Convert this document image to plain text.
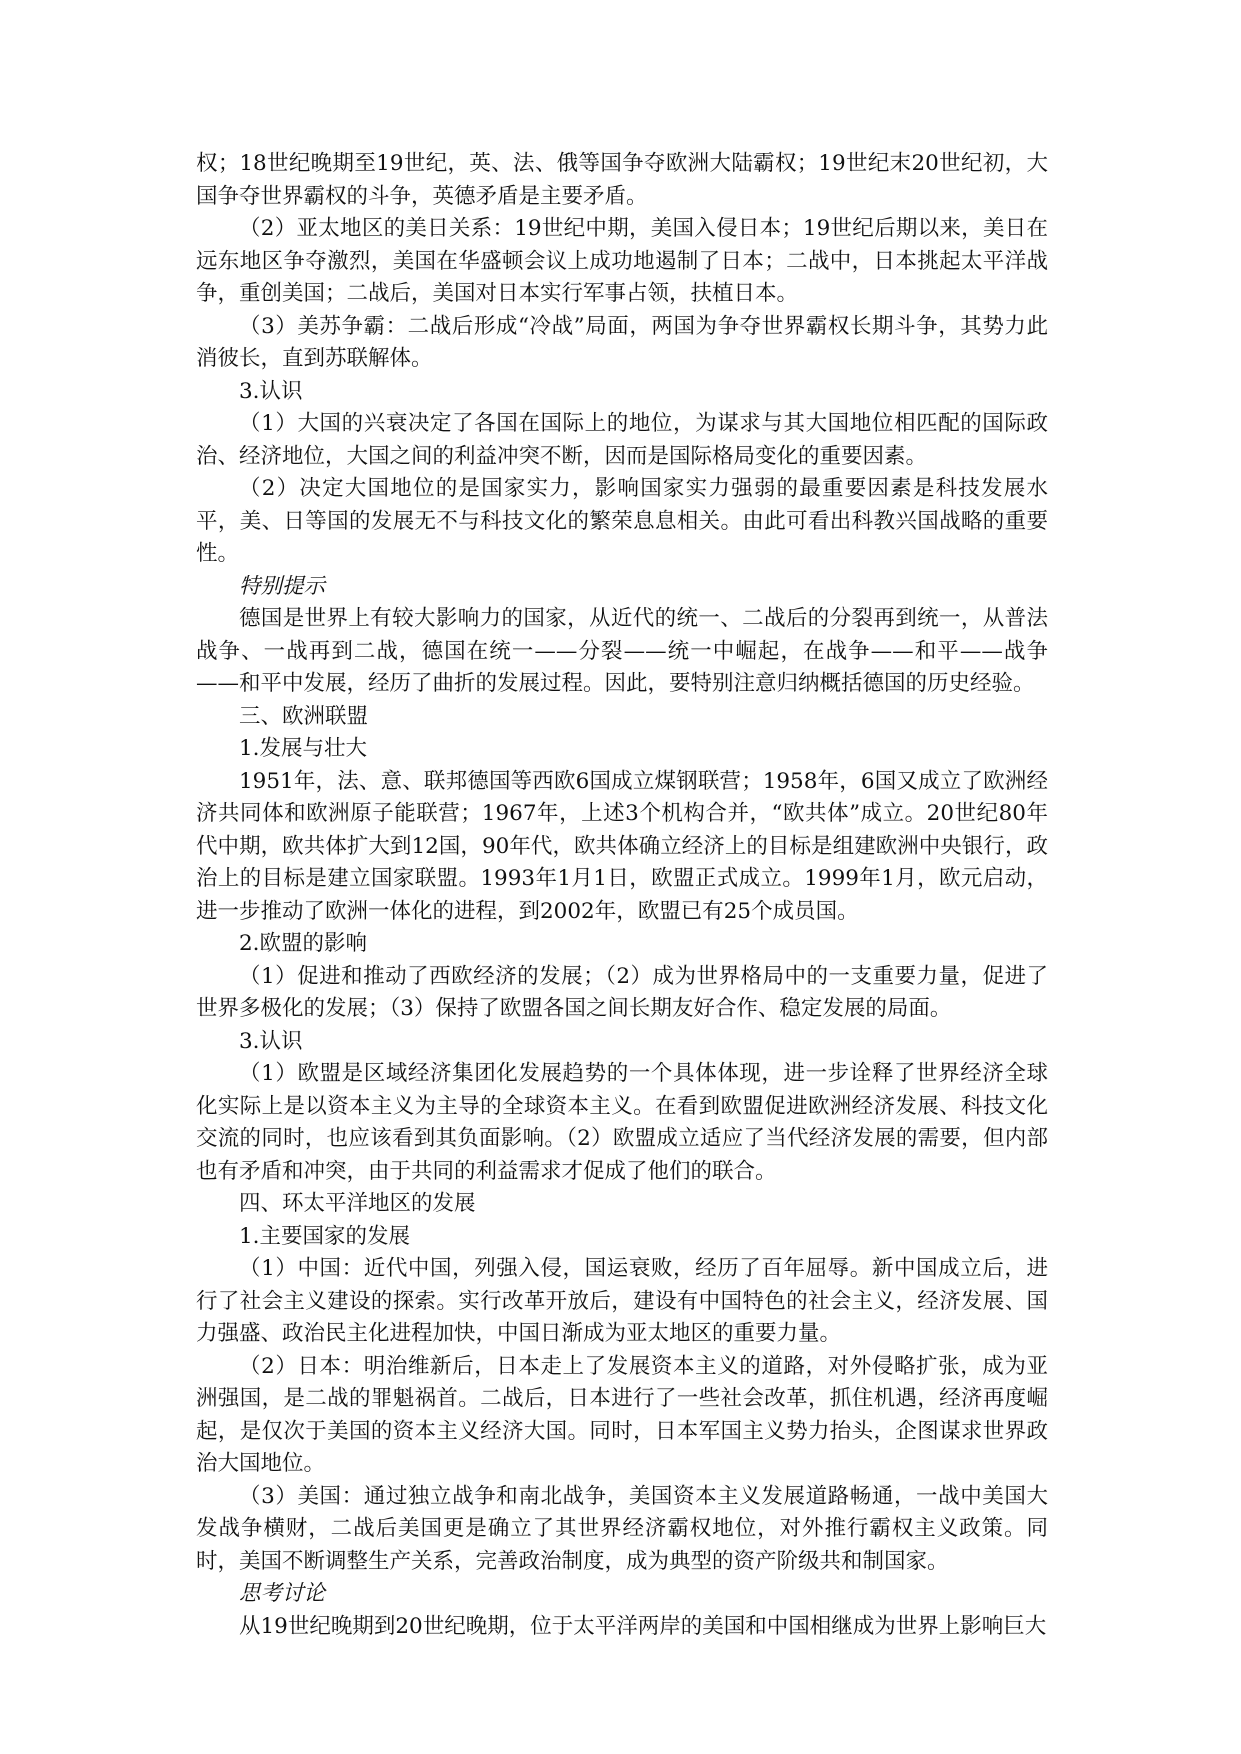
权；18世纪晚期至19世纪，英、法、俄等国争夺欧洲大陆霸权；19世纪末20世纪初，大国争夺世界霸权的斗争，英德矛盾是主要矛盾。

（2）亚太地区的美日关系：19世纪中期，美国入侵日本；19世纪后期以来，美日在远东地区争夺激烈，美国在华盛顿会议上成功地遏制了日本；二战中，日本挑起太平洋战争，重创美国；二战后，美国对日本实行军事占领，扶植日本。

（3）美苏争霸：二战后形成“冷战”局面，两国为争夺世界霸权长期斗争，其势力此消彼长，直到苏联解体。

3.认识

（1）大国的兴衰决定了各国在国际上的地位，为谋求与其大国地位相匹配的国际政治、经济地位，大国之间的利益冲突不断，因而是国际格局变化的重要因素。

（2）决定大国地位的是国家实力，影响国家实力强弱的最重要因素是科技发展水平，美、日等国的发展无不与科技文化的繁荣息息相关。由此可看出科教兴国战略的重要性。

特别提示

德国是世界上有较大影响力的国家，从近代的统一、二战后的分裂再到统一，从普法战争、一战再到二战，德国在统一——分裂——统一中崛起，在战争——和平——战争——和平中发展，经历了曲折的发展过程。因此，要特别注意归纳概括德国的历史经验。

三、欧洲联盟

1.发展与壮大

1951年，法、意、联邦德国等西欧6国成立煤钢联营；1958年，6国又成立了欧洲经济共同体和欧洲原子能联营；1967年，上述3个机构合并，“欧共体”成立。20世纪80年代中期，欧共体扩大到12国，90年代，欧共体确立经济上的目标是组建欧洲中央银行，政治上的目标是建立国家联盟。1993年1月1日，欧盟正式成立。1999年1月，欧元启动，进一步推动了欧洲一体化的进程，到2002年，欧盟已有25个成员国。

2.欧盟的影响

（1）促进和推动了西欧经济的发展；（2）成为世界格局中的一支重要力量，促进了世界多极化的发展；（3）保持了欧盟各国之间长期友好合作、稳定发展的局面。

3.认识

（1）欧盟是区域经济集团化发展趋势的一个具体体现，进一步诠释了世界经济全球化实际上是以资本主义为主导的全球资本主义。在看到欧盟促进欧洲经济发展、科技文化交流的同时，也应该看到其负面影响。（2）欧盟成立适应了当代经济发展的需要，但内部也有矛盾和冲突，由于共同的利益需求才促成了他们的联合。

四、环太平洋地区的发展

1.主要国家的发展

（1）中国：近代中国，列强入侵，国运衰败，经历了百年屈辱。新中国成立后，进行了社会主义建设的探索。实行改革开放后，建设有中国特色的社会主义，经济发展、国力强盛、政治民主化进程加快，中国日渐成为亚太地区的重要力量。

（2）日本：明治维新后，日本走上了发展资本主义的道路，对外侵略扩张，成为亚洲强国，是二战的罪魁祸首。二战后，日本进行了一些社会改革，抓住机遇，经济再度崛起，是仅次于美国的资本主义经济大国。同时，日本军国主义势力抬头，企图谋求世界政治大国地位。

（3）美国：通过独立战争和南北战争，美国资本主义发展道路畅通，一战中美国大发战争横财，二战后美国更是确立了其世界经济霸权地位，对外推行霸权主义政策。同时，美国不断调整生产关系，完善政治制度，成为典型的资产阶级共和制国家。

思考讨论

从19世纪晚期到20世纪晚期，位于太平洋两岸的美国和中国相继成为世界上影响巨大
